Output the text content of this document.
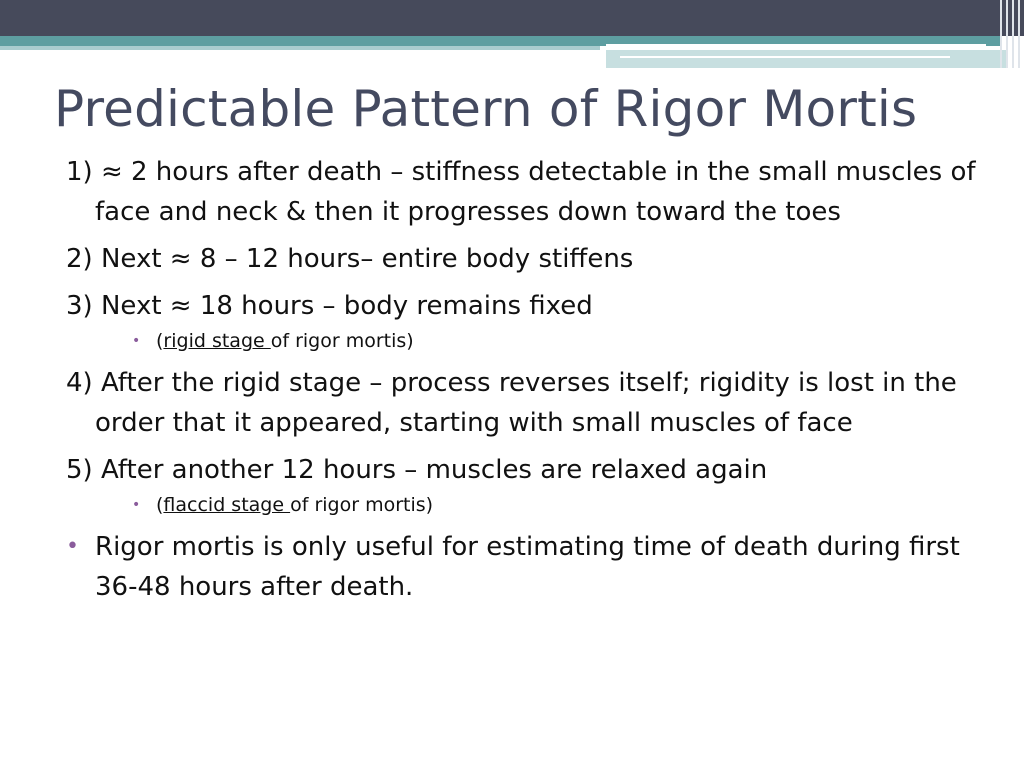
Predictable Pattern of Rigor Mortis

1) ≈ 2 hours after death – stiffness detectable in the small muscles of face and neck & then it progresses down toward the toes

2) Next ≈ 8 – 12 hours– entire body stiffens

3) Next ≈ 18 hours – body remains fixed

• (rigid stage of rigor mortis)

4) After the rigid stage – process reverses itself; rigidity is lost in the order that it appeared, starting with small muscles of face

5) After another 12 hours – muscles are relaxed again

• (flaccid stage of rigor mortis)
• Rigor mortis is only useful for estimating time of death during first 36-48 hours after death.
